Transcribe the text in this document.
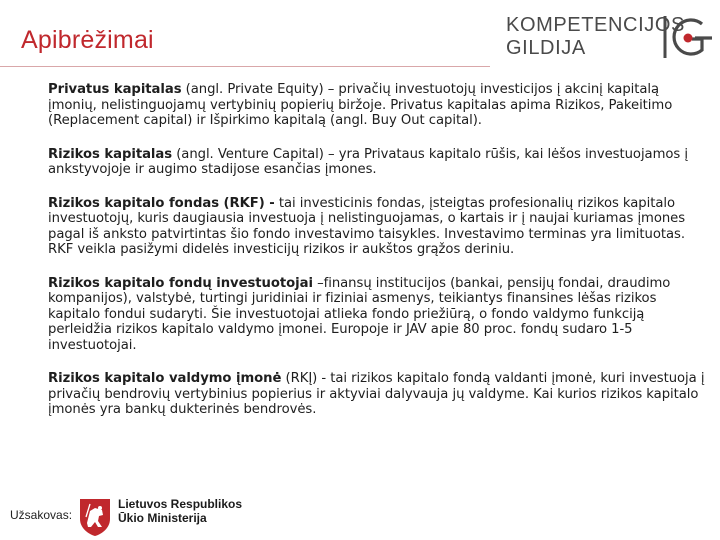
Apibrėžimai
KOMPETENCIJOS
GILDIJA

Privatus kapitalas (angl. Private Equity) – privačių investuotojų investicijos į akcinį kapitalą įmonių, nelistinguojamų vertybinių popierių biržoje. Privatus kapitalas apima Rizikos, Pakeitimo (Replacement capital) ir Išpirkimo kapitalą (angl. Buy Out capital).

Rizikos kapitalas (angl. Venture Capital) – yra Privataus kapitalo rūšis, kai lėšos investuojamos į ankstyvojoje ir augimo stadijose esančias įmones.

Rizikos kapitalo fondas (RKF) - tai investicinis fondas, įsteigtas profesionalių rizikos kapitalo investuotojų, kuris daugiausia investuoja į nelistinguojamas, o kartais ir į naujai kuriamas įmones pagal iš anksto patvirtintas šio fondo investavimo taisykles. Investavimo terminas yra limituotas. RKF veikla pasižymi didelės investicijų rizikos ir aukštos grąžos deriniu.

Rizikos kapitalo fondų investuotojai –finansų institucijos (bankai, pensijų fondai, draudimo kompanijos), valstybė, turtingi juridiniai ir fiziniai asmenys, teikiantys finansines lėšas rizikos kapitalo fondui sudaryti. Šie investuotojai atlieka fondo priežiūrą, o fondo valdymo funkciją perleidžia rizikos kapitalo valdymo įmonei. Europoje ir JAV apie 80 proc. fondų sudaro 1-5 investuotojai.

Rizikos kapitalo valdymo įmonė (RKĮ) - tai rizikos kapitalo fondą valdanti įmonė, kuri investuoja į privačių bendrovių vertybinius popierius ir aktyviai dalyvauja jų valdyme. Kai kurios rizikos kapitalo įmonės yra bankų dukterinės bendrovės.

Užsakovas:
Lietuvos Respublikos
Ūkio Ministerija
